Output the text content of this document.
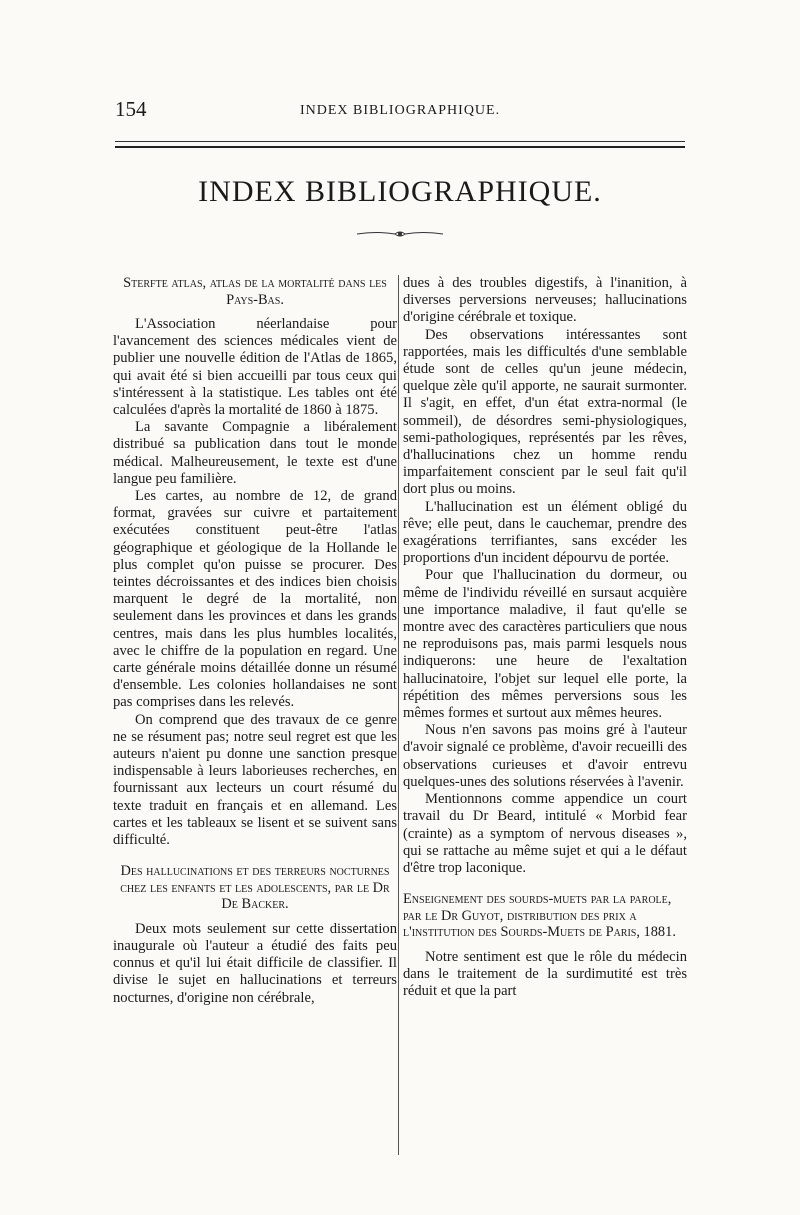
154	INDEX BIBLIOGRAPHIQUE.
INDEX BIBLIOGRAPHIQUE.

Sterfte atlas, atlas de la mortalité dans les Pays-Bas.

L'Association néerlandaise pour l'avancement des sciences médicales vient de publier une nouvelle édition de l'Atlas de 1865, qui avait été si bien accueilli par tous ceux qui s'intéressent à la statistique. Les tables ont été calculées d'après la mortalité de 1860 à 1875.

La savante Compagnie a libéralement distribué sa publication dans tout le monde médical. Malheureusement, le texte est d'une langue peu familière.

Les cartes, au nombre de 12, de grand format, gravées sur cuivre et partaitement exécutées constituent peut-être l'atlas géographique et géologique de la Hollande le plus complet qu'on puisse se procurer. Des teintes décroissantes et des indices bien choisis marquent le degré de la mortalité, non seulement dans les provinces et dans les grands centres, mais dans les plus humbles localités, avec le chiffre de la population en regard. Une carte générale moins détaillée donne un résumé d'ensemble. Les colonies hollandaises ne sont pas comprises dans les relevés.

On comprend que des travaux de ce genre ne se résument pas; notre seul regret est que les auteurs n'aient pu donne une sanction presque indispensable à leurs laborieuses recherches, en fournissant aux lecteurs un court résumé du texte traduit en français et en allemand. Les cartes et les tableaux se lisent et se suivent sans difficulté.

Des hallucinations et des terreurs nocturnes chez les enfants et les adolescents, par le Dr De Backer.

Deux mots seulement sur cette dissertation inaugurale où l'auteur a étudié des faits peu connus et qu'il lui était difficile de classifier. Il divise le sujet en hallucinations et terreurs nocturnes, d'origine non cérébrale,

dues à des troubles digestifs, à l'inanition, à diverses perversions nerveuses; hallucinations d'origine cérébrale et toxique.

Des observations intéressantes sont rapportées, mais les difficultés d'une semblable étude sont de celles qu'un jeune médecin, quelque zèle qu'il apporte, ne saurait surmonter. Il s'agit, en effet, d'un état extra-normal (le sommeil), de désordres semi-physiologiques, semi-pathologiques, représentés par les rêves, d'hallucinations chez un homme rendu imparfaitement conscient par le seul fait qu'il dort plus ou moins.

L'hallucination est un élément obligé du rêve; elle peut, dans le cauchemar, prendre des exagérations terrifiantes, sans excéder les proportions d'un incident dépourvu de portée.

Pour que l'hallucination du dormeur, ou même de l'individu réveillé en sursaut acquière une importance maladive, il faut qu'elle se montre avec des caractères particuliers que nous ne reproduisons pas, mais parmi lesquels nous indiquerons: une heure de l'exaltation hallucinatoire, l'objet sur lequel elle porte, la répétition des mêmes perversions sous les mêmes formes et surtout aux mêmes heures.

Nous n'en savons pas moins gré à l'auteur d'avoir signalé ce problème, d'avoir recueilli des observations curieuses et d'avoir entrevu quelques-unes des solutions réservées à l'avenir.

Mentionnons comme appendice un court travail du Dr Beard, intitulé « Morbid fear (crainte) as a symptom of nervous diseases », qui se rattache au même sujet et qui a le défaut d'être trop laconique.

Enseignement des sourds-muets par la parole, par le Dr Guyot, distribution des prix a l'institution des Sourds-Muets de Paris, 1881.

Notre sentiment est que le rôle du médecin dans le traitement de la surdimutité est très réduit et que la part
